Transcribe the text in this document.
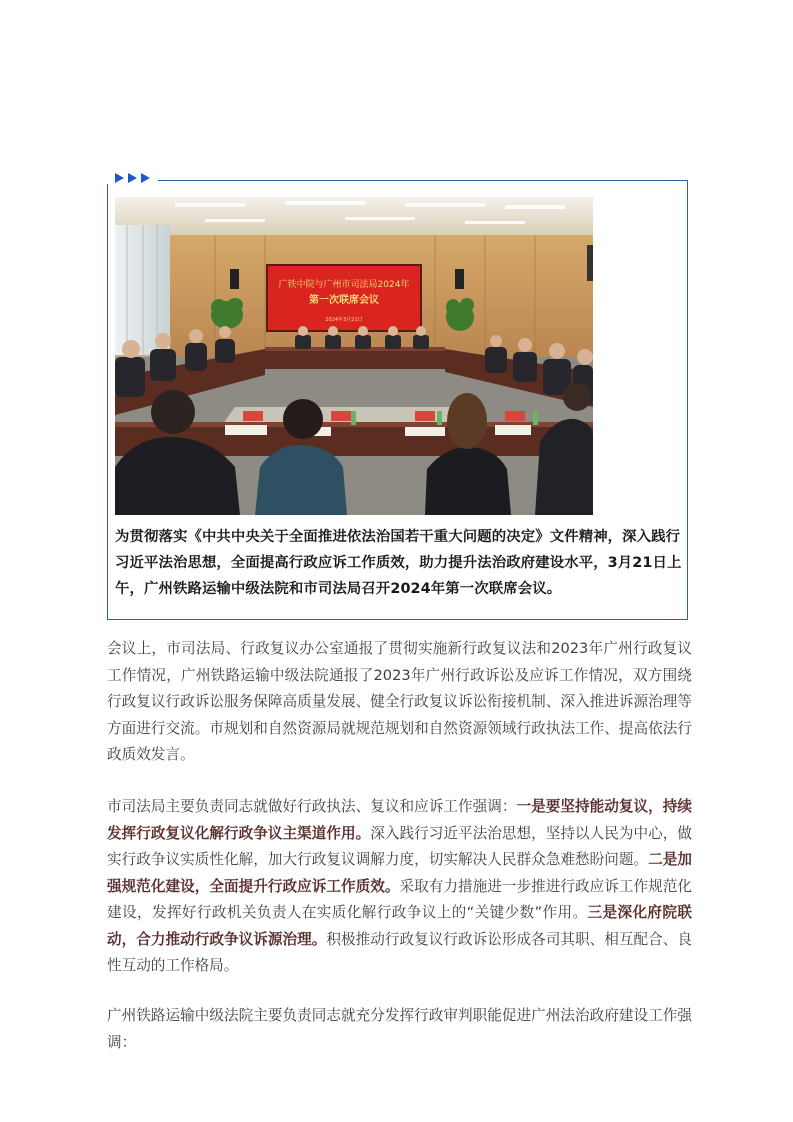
广铁中院与广州市司法局2024年
第一次联席会议
2024年3月21日
为贯彻落实《中共中央关于全面推进依法治国若干重大问题的决定》文件精神，深入践行习近平法治思想，全面提高行政应诉工作质效，助力提升法治政府建设水平，3月21日上午，广州铁路运输中级法院和市司法局召开2024年第一次联席会议。
会议上，市司法局、行政复议办公室通报了贯彻实施新行政复议法和2023年广州行政复议工作情况，广州铁路运输中级法院通报了2023年广州行政诉讼及应诉工作情况，双方围绕行政复议行政诉讼服务保障高质量发展、健全行政复议诉讼衔接机制、深入推进诉源治理等方面进行交流。市规划和自然资源局就规范规划和自然资源领域行政执法工作、提高依法行政质效发言。
市司法局主要负责同志就做好行政执法、复议和应诉工作强调：一是要坚持能动复议，持续发挥行政复议化解行政争议主渠道作用。深入践行习近平法治思想，坚持以人民为中心，做实行政争议实质性化解，加大行政复议调解力度，切实解决人民群众急难愁盼问题。二是加强规范化建设，全面提升行政应诉工作质效。采取有力措施进一步推进行政应诉工作规范化建设，发挥好行政机关负责人在实质化解行政争议上的“关键少数”作用。三是深化府院联动，合力推动行政争议诉源治理。积极推动行政复议行政诉讼形成各司其职、相互配合、良性互动的工作格局。
广州铁路运输中级法院主要负责同志就充分发挥行政审判职能促进广州法治政府建设工作强调：
